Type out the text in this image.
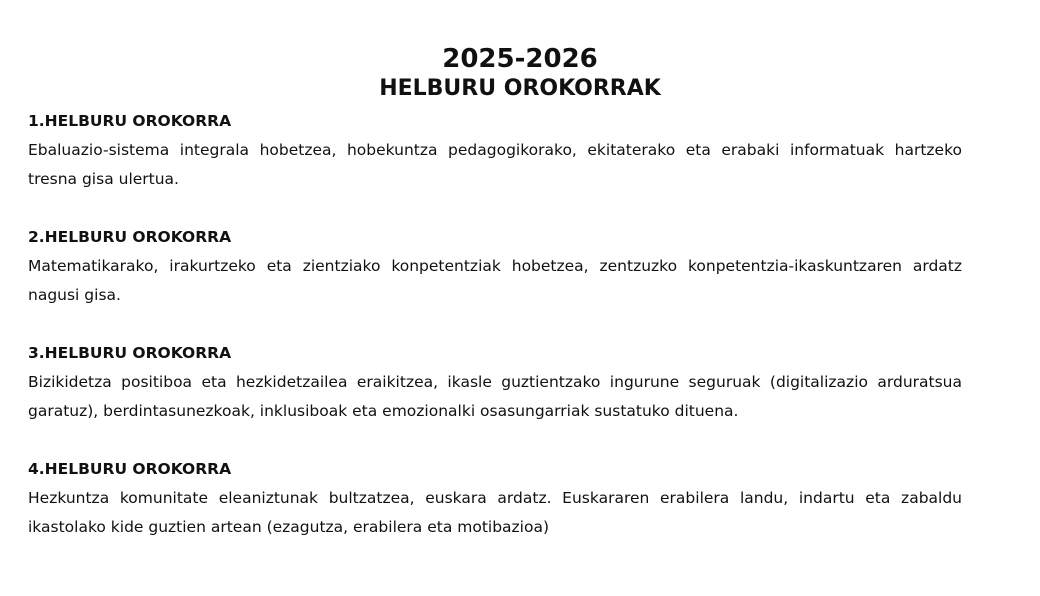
2025-2026
HELBURU OROKORRAK

1.HELBURU OROKORRA

Ebaluazio-sistema integrala hobetzea, hobekuntza pedagogikorako, ekitaterako eta erabaki informatuak hartzeko tresna gisa ulertua.

2.HELBURU OROKORRA

Matematikarako, irakurtzeko eta zientziako konpetentziak hobetzea, zentzuzko konpetentzia-ikaskuntzaren ardatz nagusi gisa.

3.HELBURU OROKORRA

Bizikidetza positiboa eta hezkidetzailea eraikitzea, ikasle guztientzako ingurune seguruak (digitalizazio arduratsua garatuz), berdintasunezkoak, inklusiboak eta emozionalki osasungarriak sustatuko dituena.

4.HELBURU OROKORRA

Hezkuntza komunitate eleaniztunak bultzatzea, euskara ardatz. Euskararen erabilera landu, indartu eta zabaldu ikastolako kide guztien artean (ezagutza, erabilera eta motibazioa)
